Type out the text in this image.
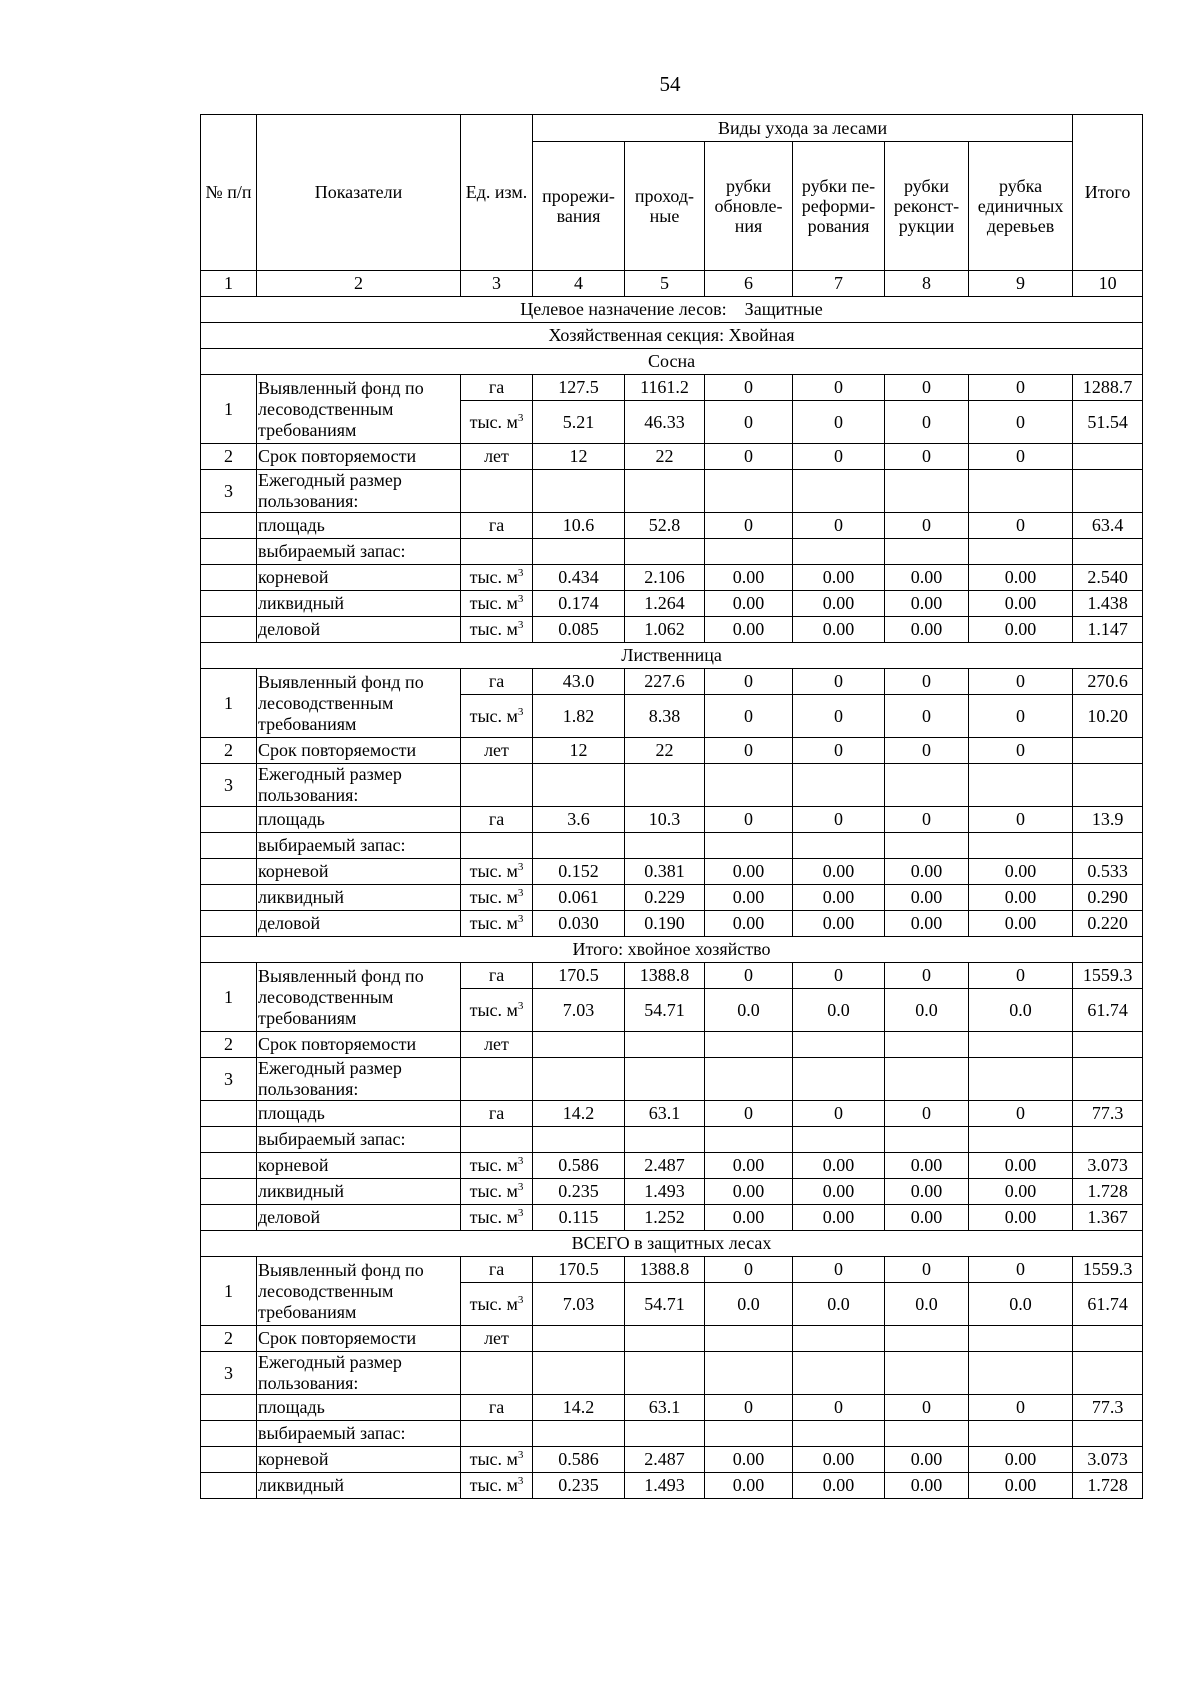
54
№ п/п	Показатели	Ед. изм.	Виды ухода за лесами						Итого
			прорежи-вания	проход-ные	рубки обновле-ния	рубки пе-реформи-рования	рубки реконст-рукции	рубка единичных деревьев	
1	2	3	4	5	6	7	8	9	10
Целевое назначение лесов:    Защитные									
Хозяйственная секция: Хвойная									
Сосна									
1	Выявленный фонд по лесоводственным требованиям	га	127.5	1161.2	0	0	0	0	1288.7
		тыс. $м^3$	5.21	46.33	0	0	0	0	51.54
2	Срок повторяемости	лет	12	22	0	0	0	0	
3	Ежегодный размер пользования:								
	площадь	га	10.6	52.8	0	0	0	0	63.4
	выбираемый запас:								
	корневой	тыс. $м^3$	0.434	2.106	0.00	0.00	0.00	0.00	2.540
	ликвидный	тыс. $м^3$	0.174	1.264	0.00	0.00	0.00	0.00	1.438
	деловой	тыс. $м^3$	0.085	1.062	0.00	0.00	0.00	0.00	1.147
Лиственница									
1	Выявленный фонд по лесоводственным требованиям	га	43.0	227.6	0	0	0	0	270.6
		тыс. $м^3$	1.82	8.38	0	0	0	0	10.20
2	Срок повторяемости	лет	12	22	0	0	0	0	
3	Ежегодный размер пользования:								
	площадь	га	3.6	10.3	0	0	0	0	13.9
	выбираемый запас:								
	корневой	тыс. $м^3$	0.152	0.381	0.00	0.00	0.00	0.00	0.533
	ликвидный	тыс. $м^3$	0.061	0.229	0.00	0.00	0.00	0.00	0.290
	деловой	тыс. $м^3$	0.030	0.190	0.00	0.00	0.00	0.00	0.220
Итого: хвойное хозяйство									
1	Выявленный фонд по лесоводственным требованиям	га	170.5	1388.8	0	0	0	0	1559.3
		тыс. $м^3$	7.03	54.71	0.0	0.0	0.0	0.0	61.74
2	Срок повторяемости	лет							
3	Ежегодный размер пользования:								
	площадь	га	14.2	63.1	0	0	0	0	77.3
	выбираемый запас:								
	корневой	тыс. $м^3$	0.586	2.487	0.00	0.00	0.00	0.00	3.073
	ликвидный	тыс. $м^3$	0.235	1.493	0.00	0.00	0.00	0.00	1.728
	деловой	тыс. $м^3$	0.115	1.252	0.00	0.00	0.00	0.00	1.367
ВСЕГО в защитных лесах									
1	Выявленный фонд по лесоводственным требованиям	га	170.5	1388.8	0	0	0	0	1559.3
		тыс. $м^3$	7.03	54.71	0.0	0.0	0.0	0.0	61.74
2	Срок повторяемости	лет							
3	Ежегодный размер пользования:								
	площадь	га	14.2	63.1	0	0	0	0	77.3
	выбираемый запас:								
	корневой	тыс. $м^3$	0.586	2.487	0.00	0.00	0.00	0.00	3.073
	ликвидный	тыс. $м^3$	0.235	1.493	0.00	0.00	0.00	0.00	1.728
